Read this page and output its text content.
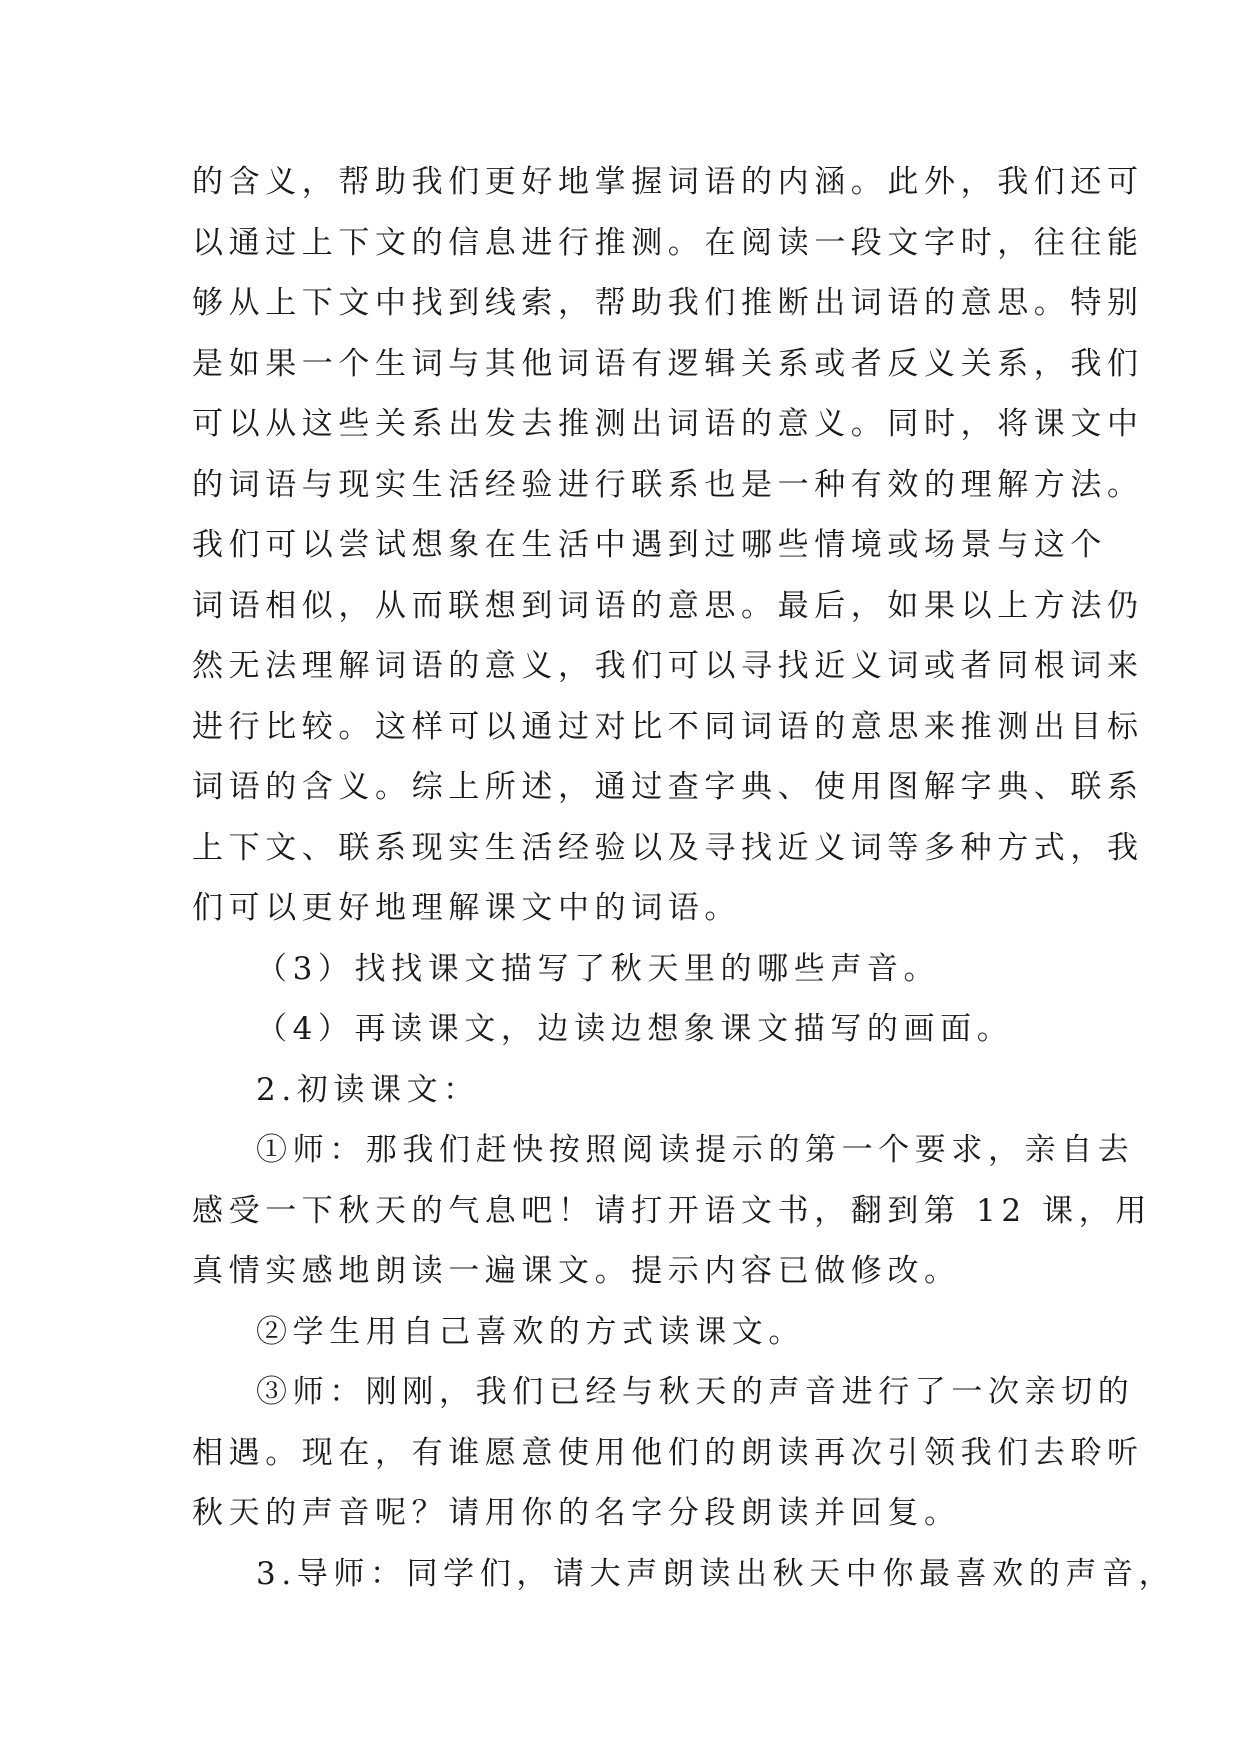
的含义，帮助我们更好地掌握词语的内涵。此外，我们还可
以通过上下文的信息进行推测。在阅读一段文字时，往往能
够从上下文中找到线索，帮助我们推断出词语的意思。特别
是如果一个生词与其他词语有逻辑关系或者反义关系，我们
可以从这些关系出发去推测出词语的意义。同时，将课文中
的词语与现实生活经验进行联系也是一种有效的理解方法。
我们可以尝试想象在生活中遇到过哪些情境或场景与这个
词语相似，从而联想到词语的意思。最后，如果以上方法仍
然无法理解词语的意义，我们可以寻找近义词或者同根词来
进行比较。这样可以通过对比不同词语的意思来推测出目标
词语的含义。综上所述，通过查字典、使用图解字典、联系
上下文、联系现实生活经验以及寻找近义词等多种方式，我
们可以更好地理解课文中的词语。
（3）找找课文描写了秋天里的哪些声音。
（4）再读课文，边读边想象课文描写的画面。
2.初读课文：
①师：那我们赶快按照阅读提示的第一个要求，亲自去
感受一下秋天的气息吧！请打开语文书，翻到第 12 课，用
真情实感地朗读一遍课文。提示内容已做修改。
②学生用自己喜欢的方式读课文。
③师：刚刚，我们已经与秋天的声音进行了一次亲切的
相遇。现在，有谁愿意使用他们的朗读再次引领我们去聆听
秋天的声音呢？请用你的名字分段朗读并回复。
3.导师：同学们，请大声朗读出秋天中你最喜欢的声音，
